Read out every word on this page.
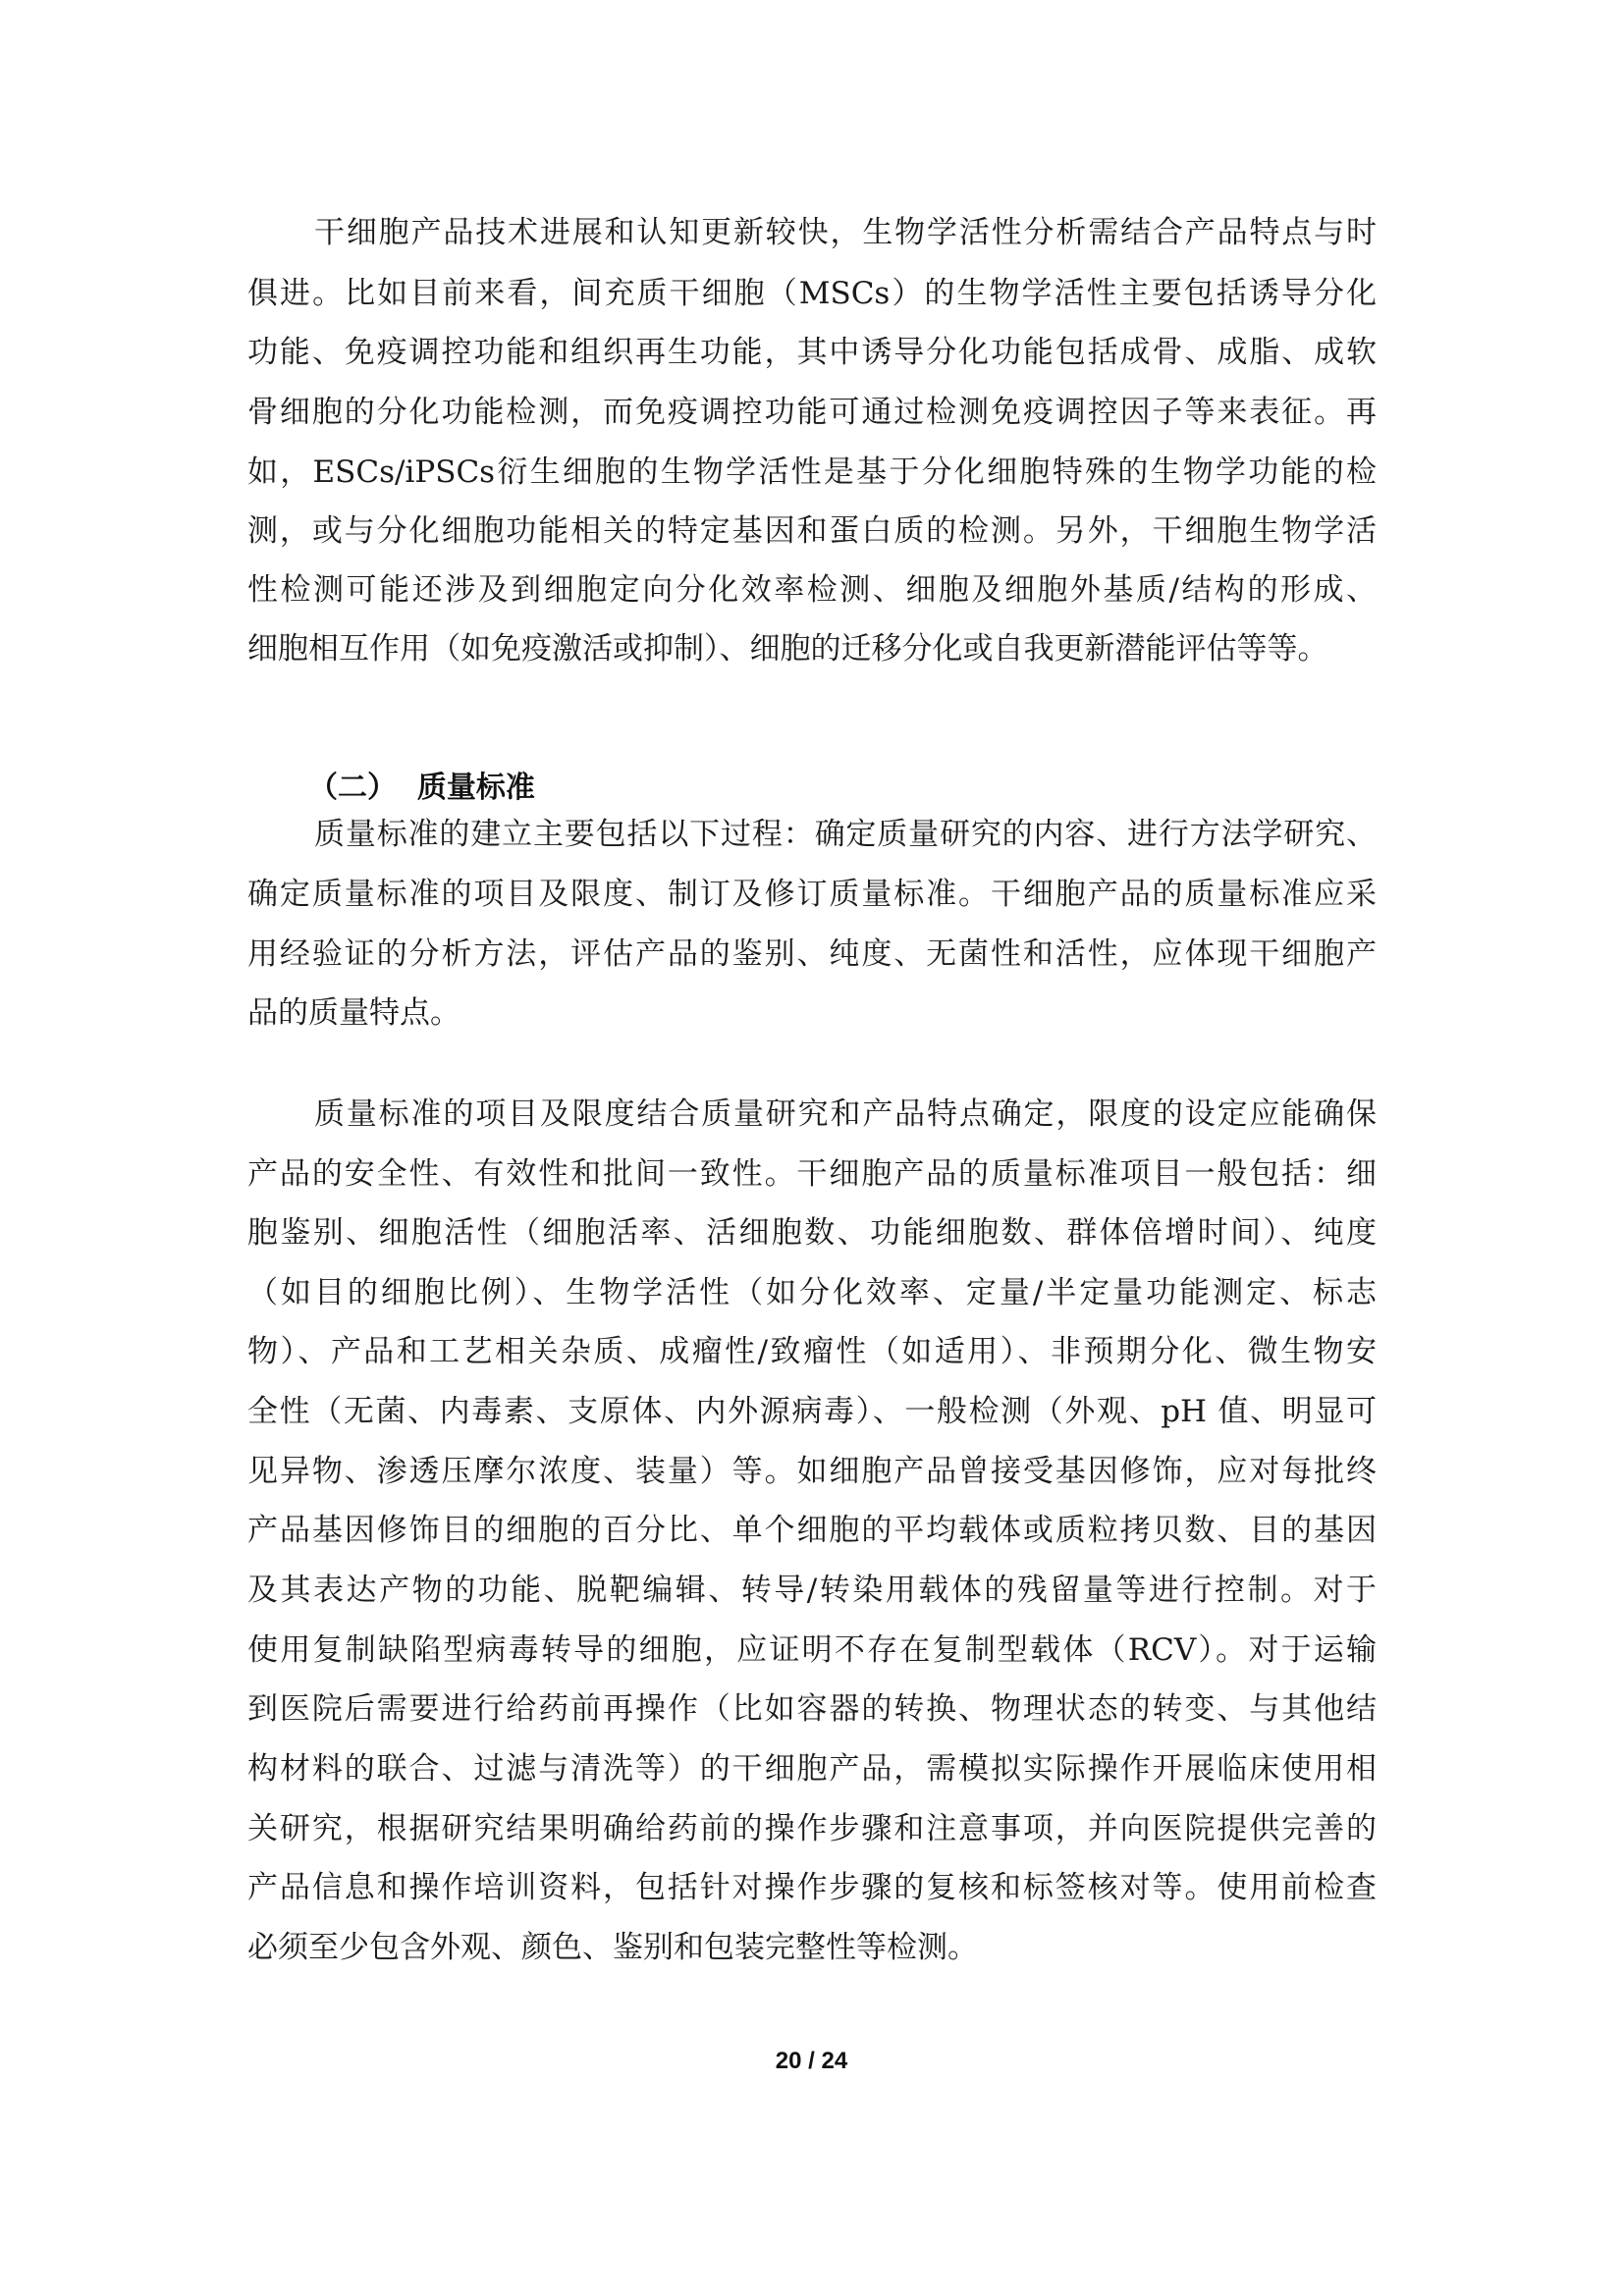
干细胞产品技术进展和认知更新较快，生物学活性分析需结合产品特点与时
俱进。比如目前来看，间充质干细胞（MSCs）的生物学活性主要包括诱导分化
功能、免疫调控功能和组织再生功能，其中诱导分化功能包括成骨、成脂、成软
骨细胞的分化功能检测，而免疫调控功能可通过检测免疫调控因子等来表征。再
如，ESCs/iPSCs衍生细胞的生物学活性是基于分化细胞特殊的生物学功能的检
测，或与分化细胞功能相关的特定基因和蛋白质的检测。另外，干细胞生物学活
性检测可能还涉及到细胞定向分化效率检测、细胞及细胞外基质/结构的形成、
细胞相互作用（如免疫激活或抑制）、细胞的迁移分化或自我更新潜能评估等等。
（二）  质量标准
质量标准的建立主要包括以下过程：确定质量研究的内容、进行方法学研究、
确定质量标准的项目及限度、制订及修订质量标准。干细胞产品的质量标准应采
用经验证的分析方法，评估产品的鉴别、纯度、无菌性和活性，应体现干细胞产
品的质量特点。
质量标准的项目及限度结合质量研究和产品特点确定，限度的设定应能确保
产品的安全性、有效性和批间一致性。干细胞产品的质量标准项目一般包括：细
胞鉴别、细胞活性（细胞活率、活细胞数、功能细胞数、群体倍增时间）、纯度
（如目的细胞比例）、生物学活性（如分化效率、定量/半定量功能测定、标志
物）、产品和工艺相关杂质、成瘤性/致瘤性（如适用）、非预期分化、微生物安
全性（无菌、内毒素、支原体、内外源病毒）、一般检测（外观、pH 值、明显可
见异物、渗透压摩尔浓度、装量）等。如细胞产品曾接受基因修饰，应对每批终
产品基因修饰目的细胞的百分比、单个细胞的平均载体或质粒拷贝数、目的基因
及其表达产物的功能、脱靶编辑、转导/转染用载体的残留量等进行控制。对于
使用复制缺陷型病毒转导的细胞，应证明不存在复制型载体（RCV）。对于运输
到医院后需要进行给药前再操作（比如容器的转换、物理状态的转变、与其他结
构材料的联合、过滤与清洗等）的干细胞产品，需模拟实际操作开展临床使用相
关研究，根据研究结果明确给药前的操作步骤和注意事项，并向医院提供完善的
产品信息和操作培训资料，包括针对操作步骤的复核和标签核对等。使用前检查
必须至少包含外观、颜色、鉴别和包装完整性等检测。
20 / 24
